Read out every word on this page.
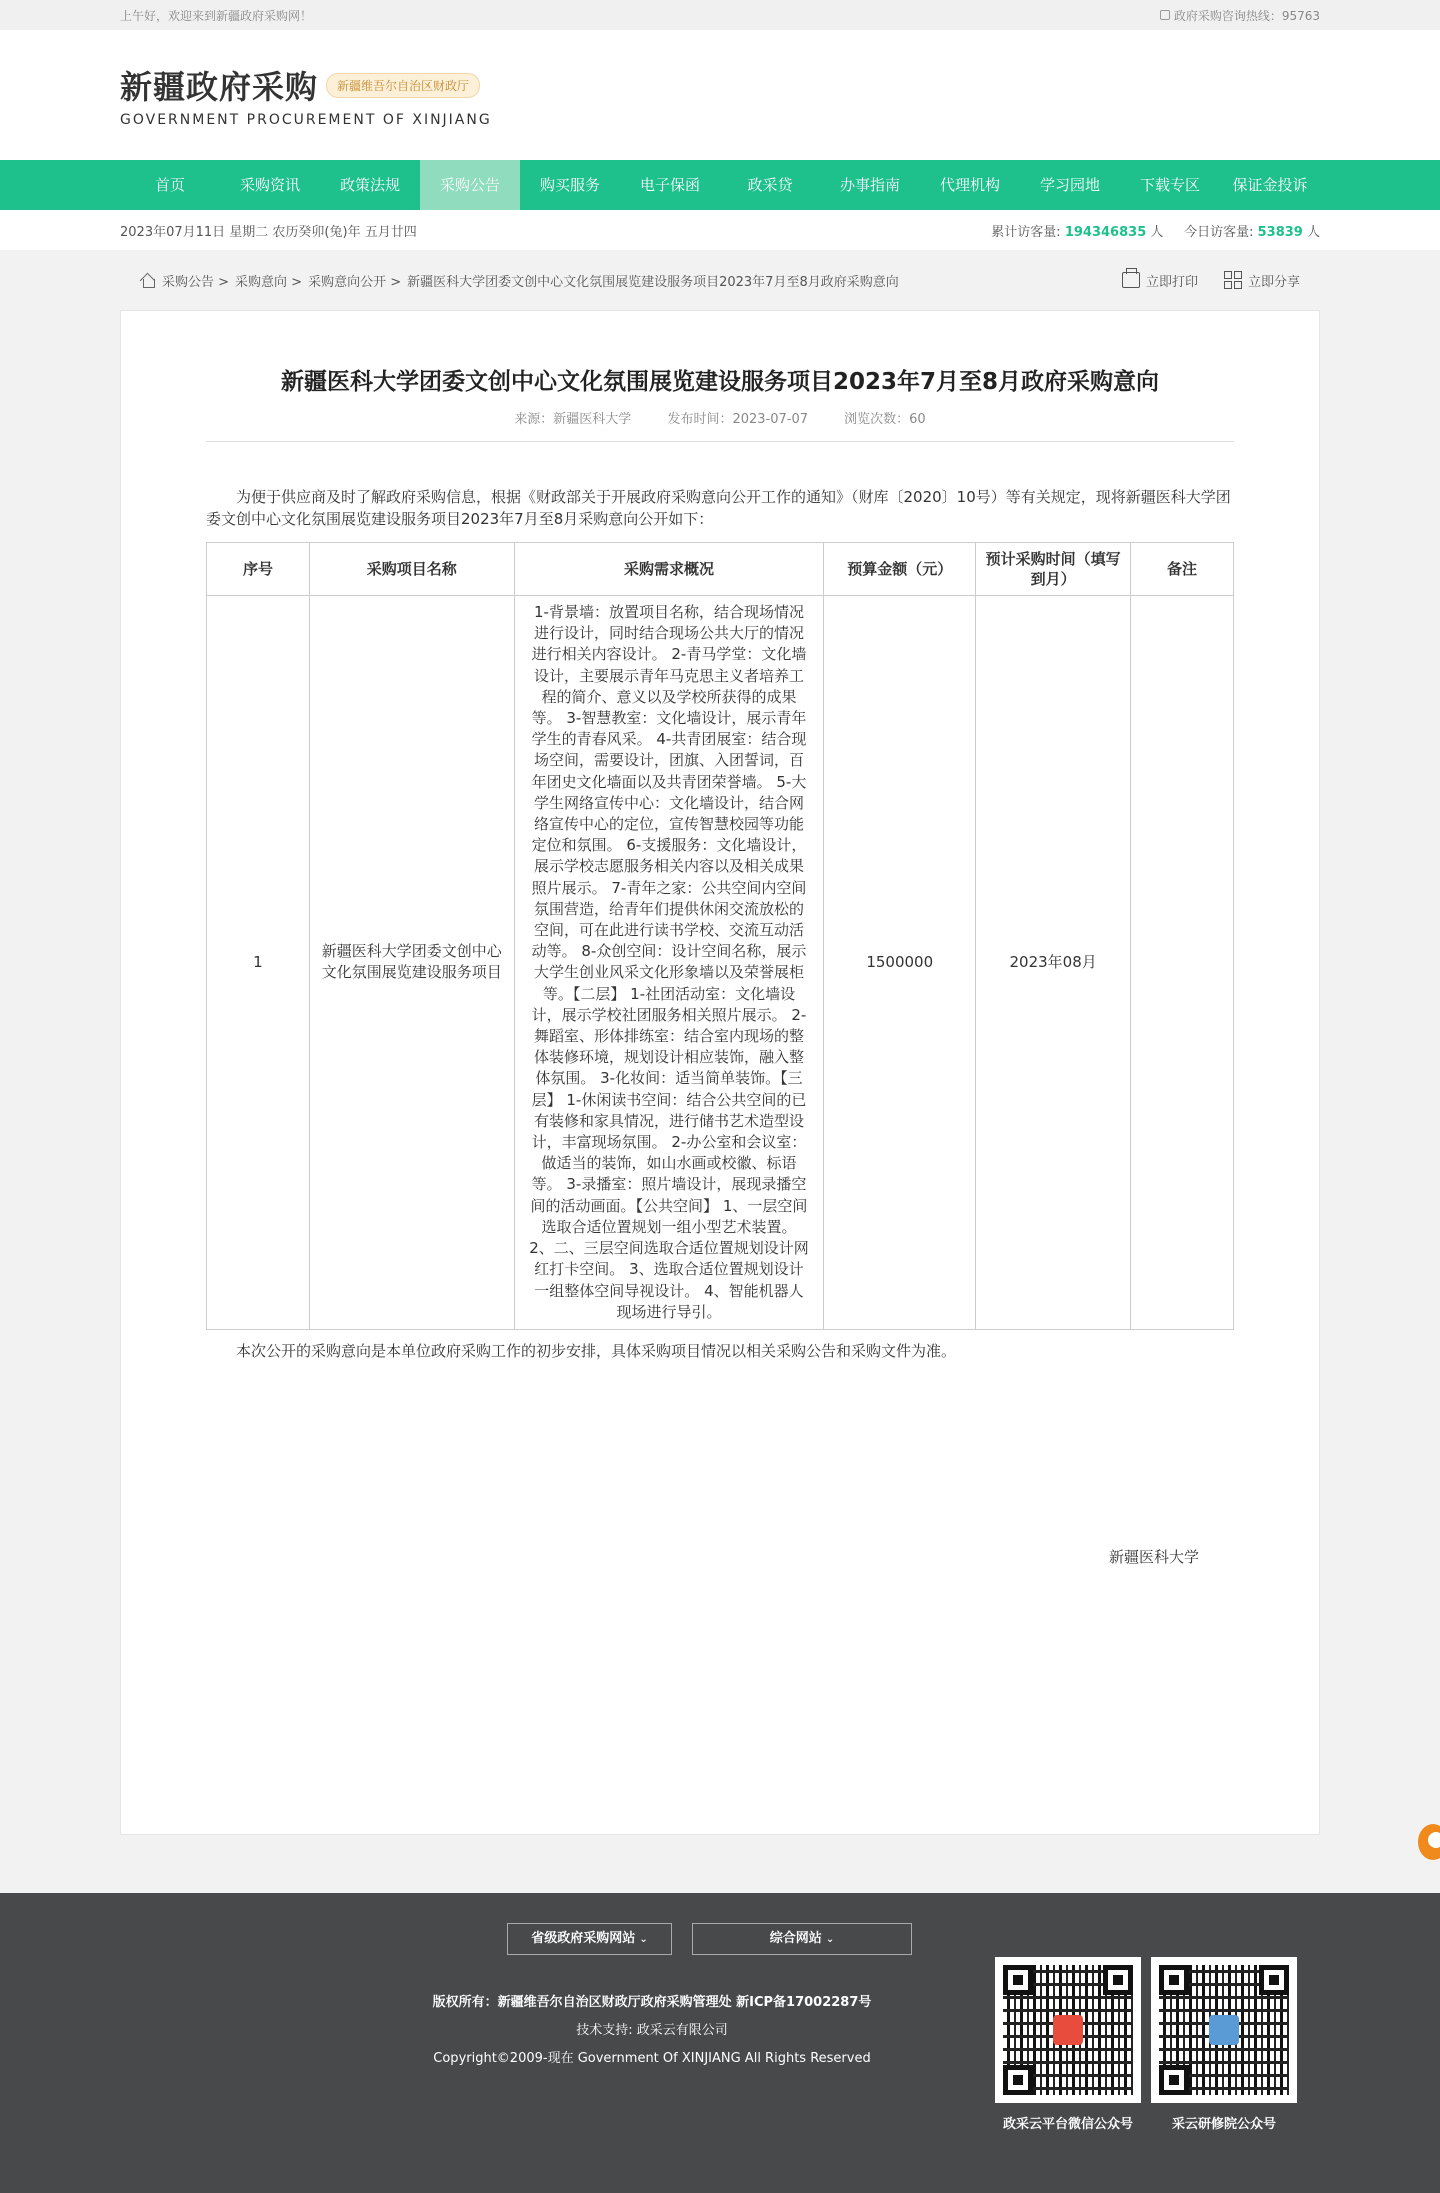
上午好，欢迎来到新疆政府采购网！	政府采购咨询热线：95763
新疆政府采购	新疆维吾尔自治区财政厅
GOVERNMENT PROCUREMENT OF XINJIANG
首页	采购资讯	政策法规	采购公告	购买服务	电子保函	政采贷	办事指南	代理机构	学习园地	下载专区	保证金投诉
2023年07月11日 星期二 农历癸卯(兔)年 五月廿四	累计访客量: 194346835 人 今日访客量: 53839 人
采购公告 > 采购意向 > 采购意向公开 > 新疆医科大学团委文创中心文化氛围展览建设服务项目2023年7月至8月政府采购意向	立即打印	立即分享
新疆医科大学团委文创中心文化氛围展览建设服务项目2023年7月至8月政府采购意向
来源：新疆医科大学	发布时间：2023-07-07	浏览次数：60

为便于供应商及时了解政府采购信息，根据《财政部关于开展政府采购意向公开工作的通知》（财库〔2020〕10号）等有关规定，现将新疆医科大学团委文创中心文化氛围展览建设服务项目2023年7月至8月采购意向公开如下：

序号	采购项目名称	采购需求概况	预算金额（元）	预计采购时间（填写到月）	备注
1	新疆医科大学团委文创中心文化氛围展览建设服务项目	1-背景墙：放置项目名称，结合现场情况进行设计，同时结合现场公共大厅的情况进行相关内容设计。 2-青马学堂：文化墙设计，主要展示青年马克思主义者培养工程的简介、意义以及学校所获得的成果等。 3-智慧教室：文化墙设计，展示青年学生的青春风采。 4-共青团展室：结合现场空间，需要设计，团旗、入团誓词，百年团史文化墙面以及共青团荣誉墙。 5-大学生网络宣传中心：文化墙设计，结合网络宣传中心的定位，宣传智慧校园等功能定位和氛围。 6-支援服务：文化墙设计，展示学校志愿服务相关内容以及相关成果照片展示。 7-青年之家：公共空间内空间氛围营造，给青年们提供休闲交流放松的空间，可在此进行读书学校、交流互动活动等。 8-众创空间：设计空间名称，展示大学生创业风采文化形象墙以及荣誉展柜等。【二层】 1-社团活动室：文化墙设计，展示学校社团服务相关照片展示。 2-舞蹈室、形体排练室：结合室内现场的整体装修环境，规划设计相应装饰，融入整体氛围。 3-化妆间：适当简单装饰。【三层】 1-休闲读书空间：结合公共空间的已有装修和家具情况，进行储书艺术造型设计，丰富现场氛围。 2-办公室和会议室：做适当的装饰，如山水画或校徽、标语等。 3-录播室：照片墙设计，展现录播空间的活动画面。【公共空间】 1、一层空间选取合适位置规划一组小型艺术装置。 2、二、三层空间选取合适位置规划设计网红打卡空间。 3、选取合适位置规划设计一组整体空间导视设计。 4、智能机器人现场进行导引。	1500000	2023年08月	

本次公开的采购意向是本单位政府采购工作的初步安排，具体采购项目情况以相关采购公告和采购文件为准。

新疆医科大学
省级政府采购网站 ⌄	综合网站 ⌄

版权所有：新疆维吾尔自治区财政厅政府采购管理处 新ICP备17002287号

技术支持: 政采云有限公司

Copyright©2009-现在 Government Of XINJIANG All Rights Reserved

政采云平台微信公众号	采云研修院公众号
